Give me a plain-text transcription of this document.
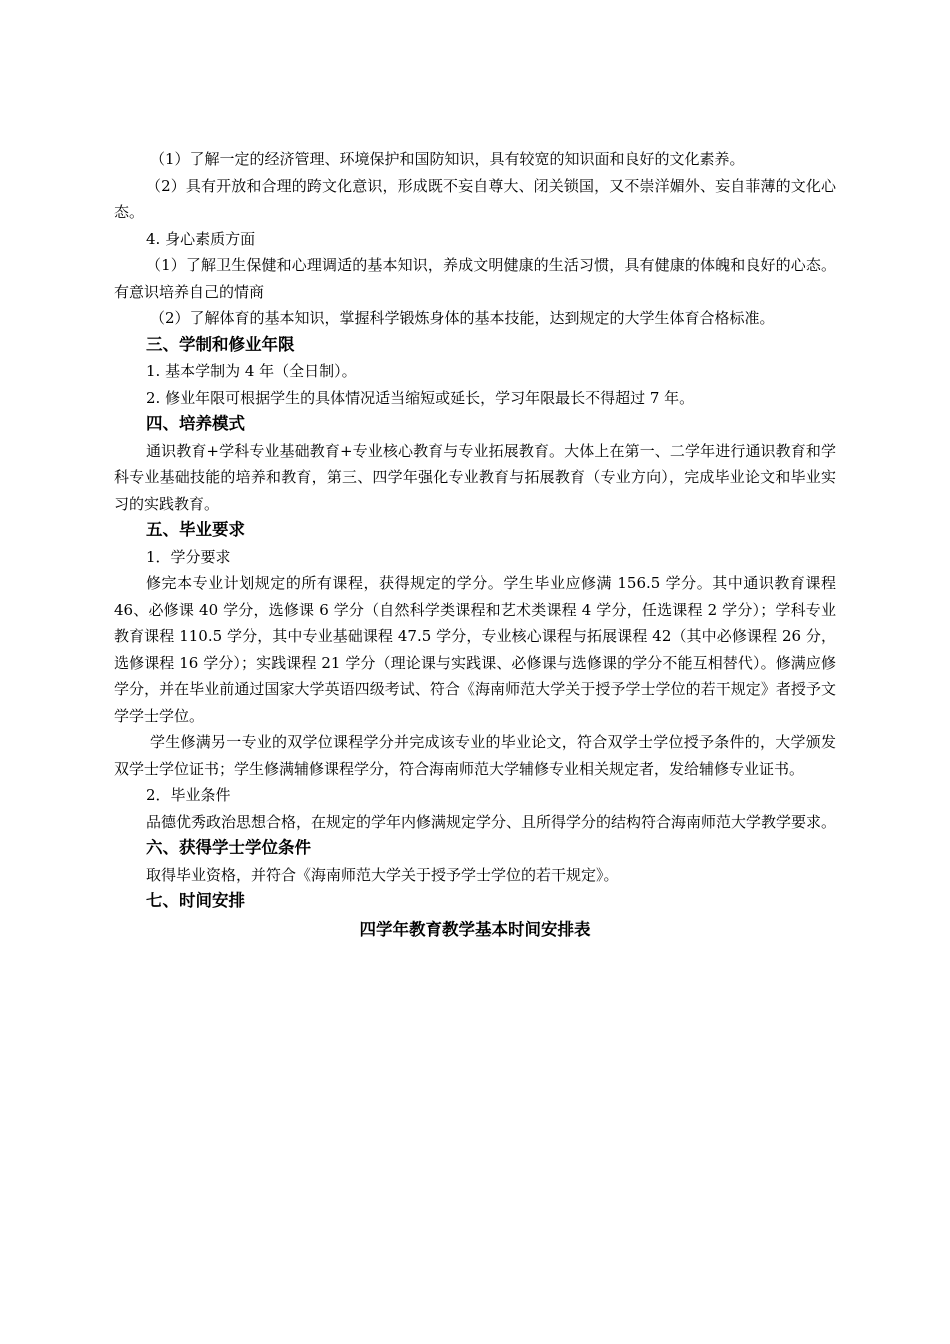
（1）了解一定的经济管理、环境保护和国防知识，具有较宽的知识面和良好的文化素养。

（2）具有开放和合理的跨文化意识，形成既不妄自尊大、闭关锁国，又不崇洋媚外、妄自菲薄的文化心态。

4. 身心素质方面

（1）了解卫生保健和心理调适的基本知识，养成文明健康的生活习惯，具有健康的体魄和良好的心态。有意识培养自己的情商

（2）了解体育的基本知识，掌握科学锻炼身体的基本技能，达到规定的大学生体育合格标准。

三、学制和修业年限

1. 基本学制为 4 年（全日制）。

2. 修业年限可根据学生的具体情况适当缩短或延长，学习年限最长不得超过 7 年。

四、培养模式

通识教育+学科专业基础教育+专业核心教育与专业拓展教育。大体上在第一、二学年进行通识教育和学科专业基础技能的培养和教育，第三、四学年强化专业教育与拓展教育（专业方向），完成毕业论文和毕业实习的实践教育。

五、毕业要求

1．学分要求

修完本专业计划规定的所有课程，获得规定的学分。学生毕业应修满 156.5 学分。其中通识教育课程 46、必修课 40 学分，选修课 6 学分（自然科学类课程和艺术类课程 4 学分，任选课程 2 学分）；学科专业教育课程 110.5 学分，其中专业基础课程 47.5 学分，专业核心课程与拓展课程 42（其中必修课程 26 分，选修课程 16 学分）；实践课程 21 学分（理论课与实践课、必修课与选修课的学分不能互相替代）。修满应修学分，并在毕业前通过国家大学英语四级考试、符合《海南师范大学关于授予学士学位的若干规定》者授予文学学士学位。

学生修满另一专业的双学位课程学分并完成该专业的毕业论文，符合双学士学位授予条件的，大学颁发双学士学位证书；学生修满辅修课程学分，符合海南师范大学辅修专业相关规定者，发给辅修专业证书。

2．毕业条件

品德优秀政治思想合格，在规定的学年内修满规定学分、且所得学分的结构符合海南师范大学教学要求。

六、获得学士学位条件

取得毕业资格，并符合《海南师范大学关于授予学士学位的若干规定》。

七、时间安排

四学年教育教学基本时间安排表
